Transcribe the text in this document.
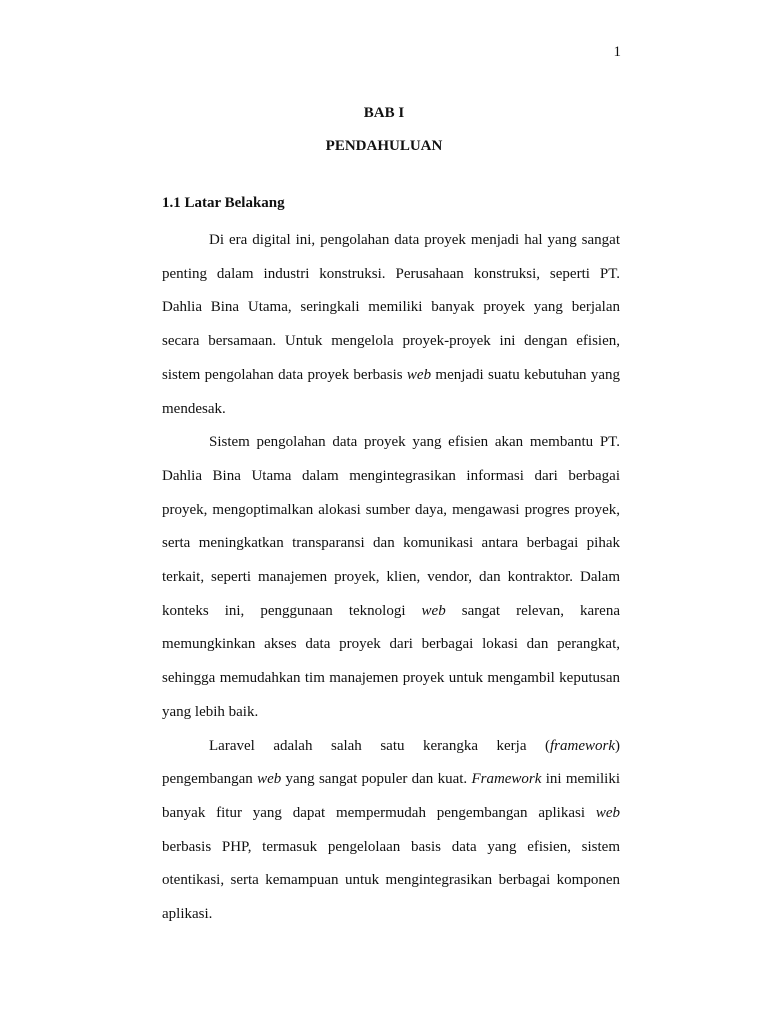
1
BAB I
PENDAHULUAN
1.1 Latar Belakang

Di era digital ini, pengolahan data proyek menjadi hal yang sangat penting dalam industri konstruksi. Perusahaan konstruksi, seperti PT. Dahlia Bina Utama, seringkali memiliki banyak proyek yang berjalan secara bersamaan. Untuk mengelola proyek-proyek ini dengan efisien, sistem pengolahan data proyek berbasis web menjadi suatu kebutuhan yang mendesak.

Sistem pengolahan data proyek yang efisien akan membantu PT. Dahlia Bina Utama dalam mengintegrasikan informasi dari berbagai proyek, mengoptimalkan alokasi sumber daya, mengawasi progres proyek, serta meningkatkan transparansi dan komunikasi antara berbagai pihak terkait, seperti manajemen proyek, klien, vendor, dan kontraktor. Dalam konteks ini, penggunaan teknologi web sangat relevan, karena memungkinkan akses data proyek dari berbagai lokasi dan perangkat, sehingga memudahkan tim manajemen proyek untuk mengambil keputusan yang lebih baik.

Laravel adalah salah satu kerangka kerja (framework) pengembangan web yang sangat populer dan kuat. Framework ini memiliki banyak fitur yang dapat mempermudah pengembangan aplikasi web berbasis PHP, termasuk pengelolaan basis data yang efisien, sistem otentikasi, serta kemampuan untuk mengintegrasikan berbagai komponen aplikasi.
